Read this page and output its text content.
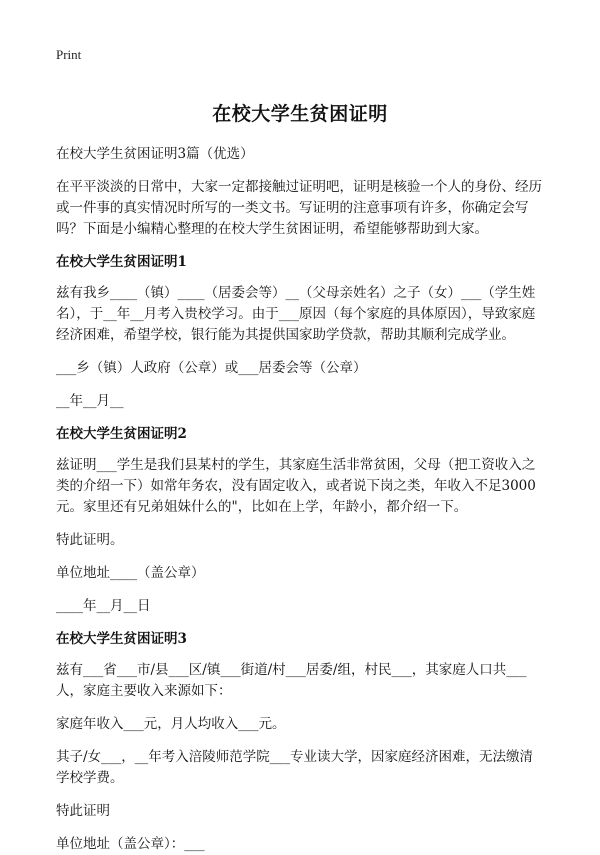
Print
在校大学生贫困证明

在校大学生贫困证明3篇（优选）

在平平淡淡的日常中，大家一定都接触过证明吧，证明是核验一个人的身份、经历或一件事的真实情况时所写的一类文书。写证明的注意事项有许多，你确定会写吗？下面是小编精心整理的在校大学生贫困证明，希望能够帮助到大家。

在校大学生贫困证明1

兹有我乡____（镇）____（居委会等）__（父母亲姓名）之子（女）___（学生姓名），于__年__月考入贵校学习。由于___原因（每个家庭的具体原因），导致家庭经济困难，希望学校，银行能为其提供国家助学贷款，帮助其顺利完成学业。

___乡（镇）人政府（公章）或___居委会等（公章）

__年__月__

在校大学生贫困证明2

兹证明___学生是我们县某村的学生，其家庭生活非常贫困，父母（把工资收入之类的介绍一下）如常年务农，没有固定收入，或者说下岗之类，年收入不足3000元。家里还有兄弟姐妹什么的"，比如在上学，年龄小，都介绍一下。

特此证明。

单位地址____（盖公章）

____年__月__日

在校大学生贫困证明3

兹有___省___市/县___区/镇___街道/村___居委/组，村民___，其家庭人口共___人，家庭主要收入来源如下：

家庭年收入___元，月人均收入___元。

其子/女___，__年考入涪陵师范学院___专业读大学，因家庭经济困难，无法缴清学校学费。

特此证明

单位地址（盖公章）：___
